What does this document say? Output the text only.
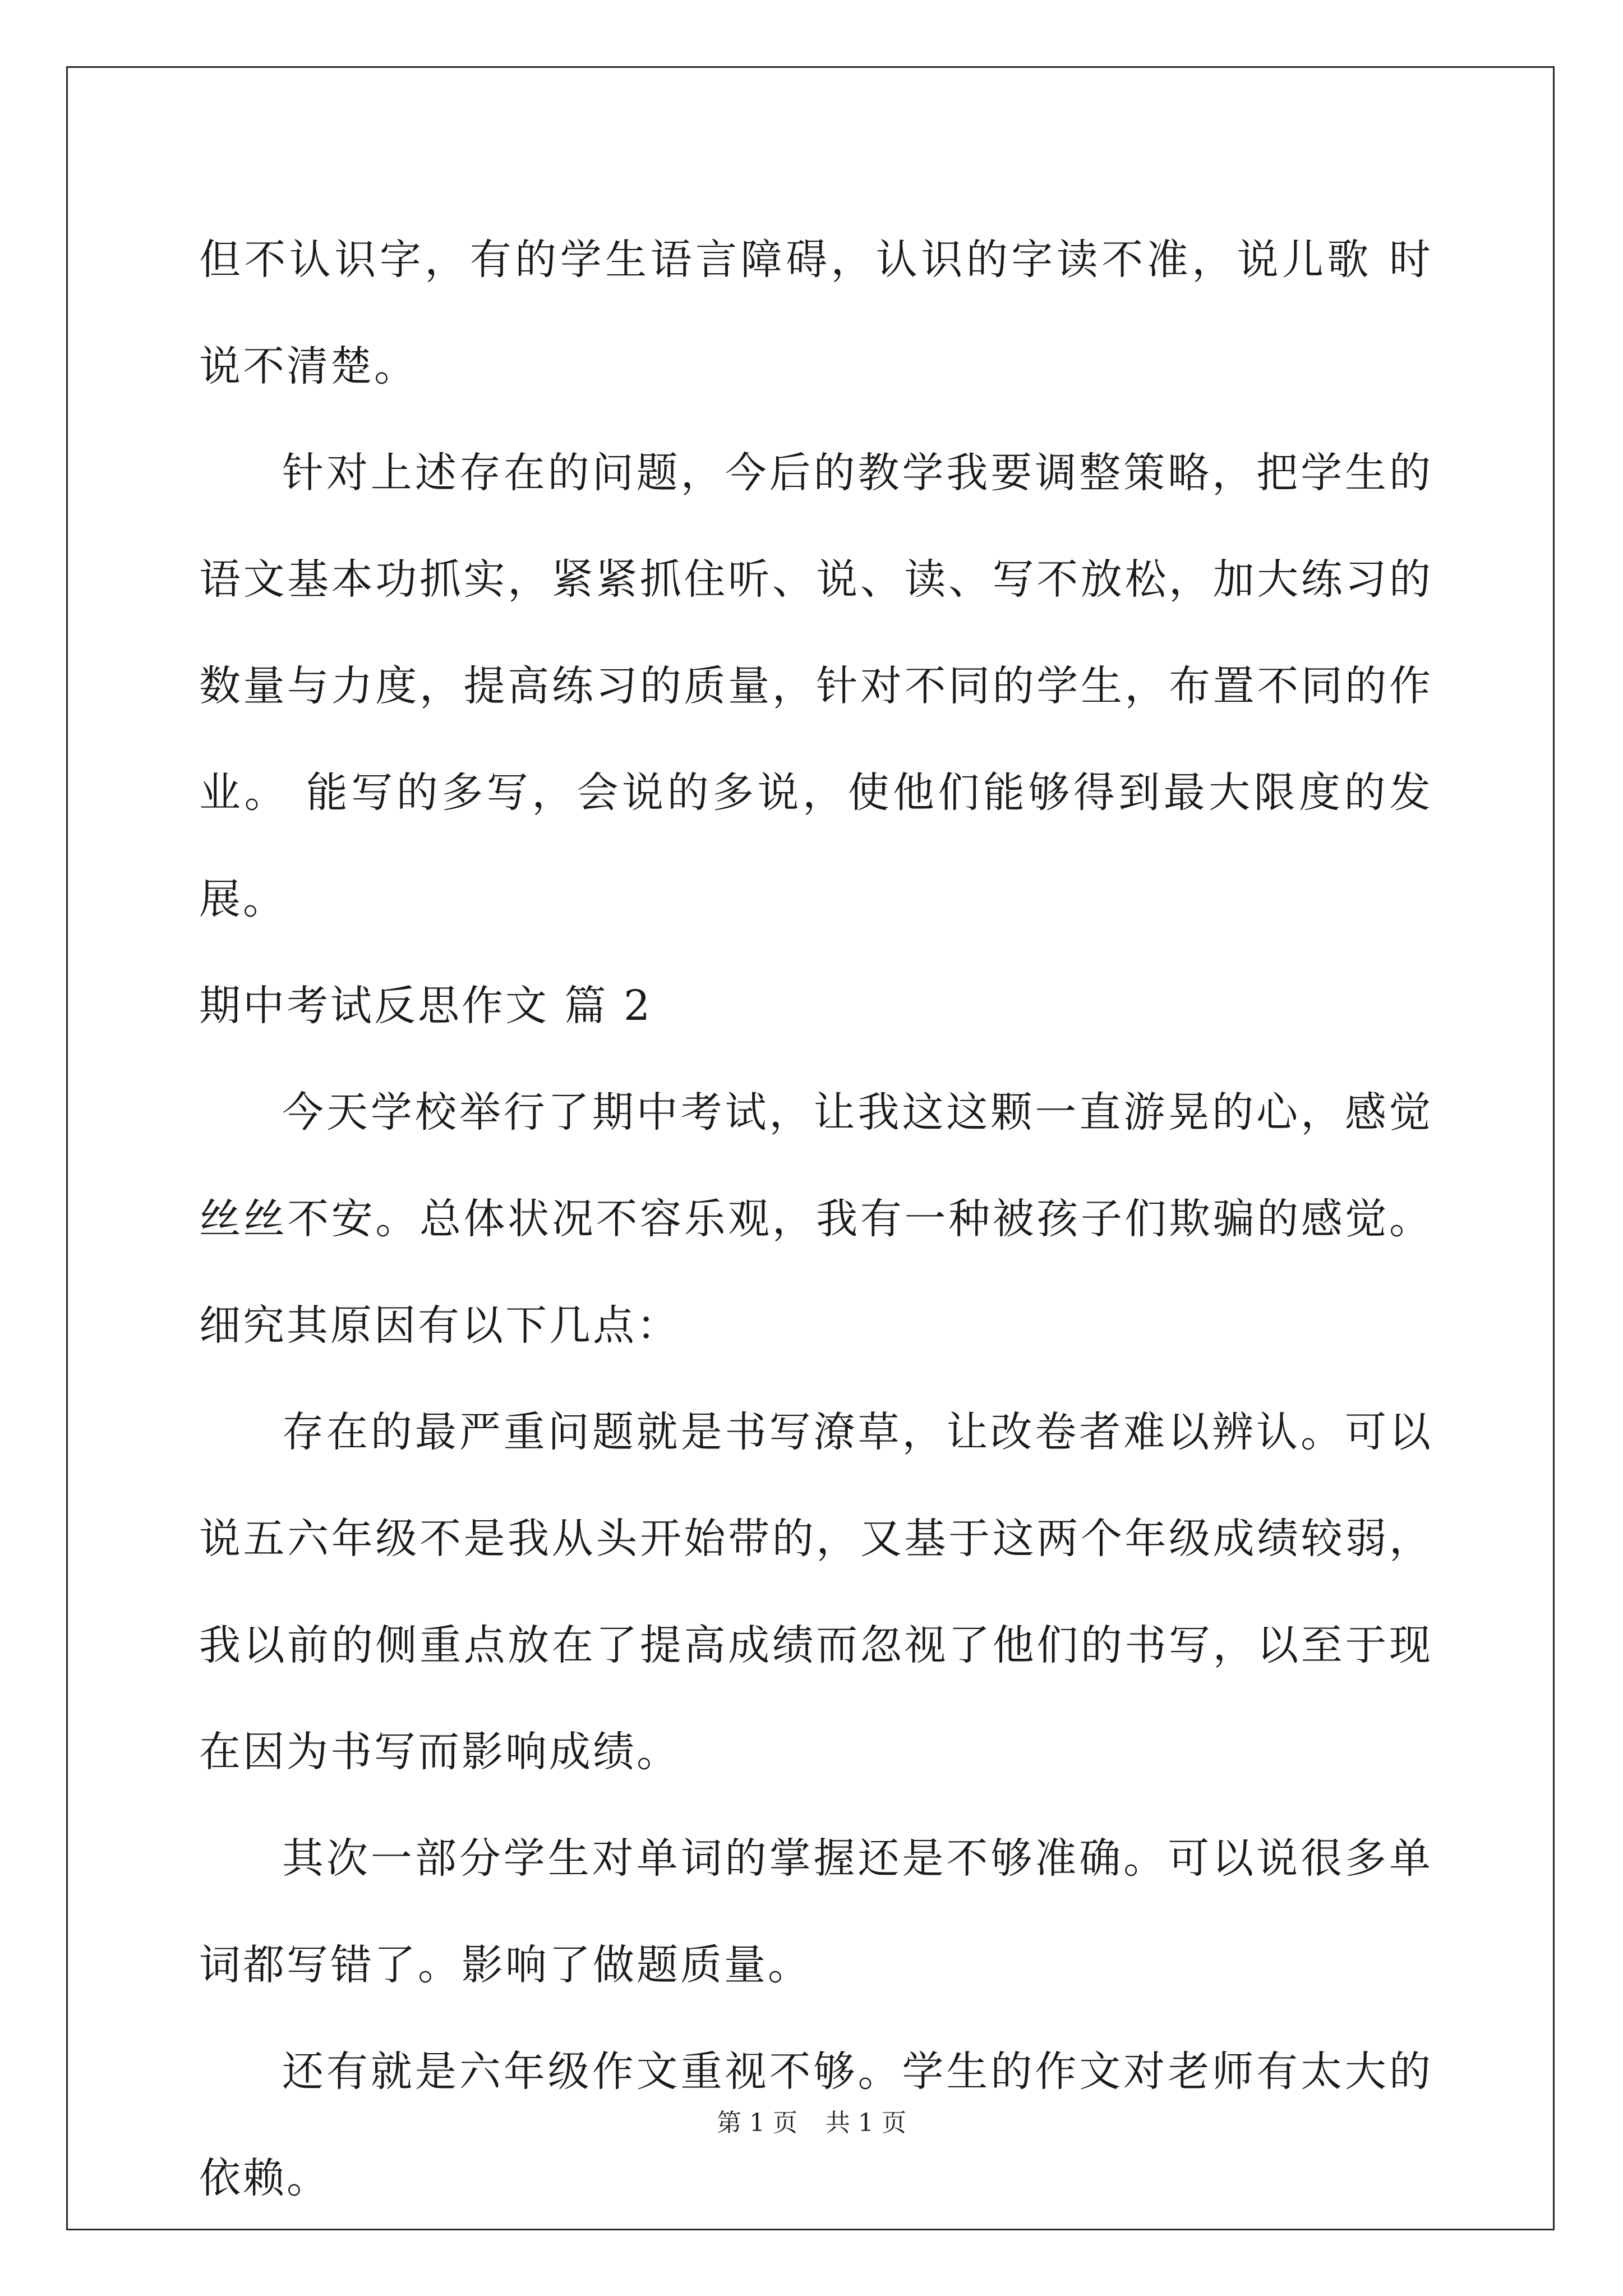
但不认识字，有的学生语言障碍，认识的字读不准，说儿歌 时说不清楚。

针对上述存在的问题，今后的教学我要调整策略，把学生的语文基本功抓实，紧紧抓住听、说、读、写不放松，加大练习的数量与力度，提高练习的质量，针对不同的学生，布置不同的作业。 能写的多写，会说的多说，使他们能够得到最大限度的发展。

期中考试反思作文 篇 2

今天学校举行了期中考试，让我这这颗一直游晃的心，感觉丝丝不安。总体状况不容乐观，我有一种被孩子们欺骗的感觉。细究其原因有以下几点：

存在的最严重问题就是书写潦草，让改卷者难以辨认。可以说五六年级不是我从头开始带的，又基于这两个年级成绩较弱，我以前的侧重点放在了提高成绩而忽视了他们的书写，以至于现在因为书写而影响成绩。

其次一部分学生对单词的掌握还是不够准确。可以说很多单词都写错了。影响了做题质量。

还有就是六年级作文重视不够。学生的作文对老师有太大的依赖。

第 1 页 共 1 页
